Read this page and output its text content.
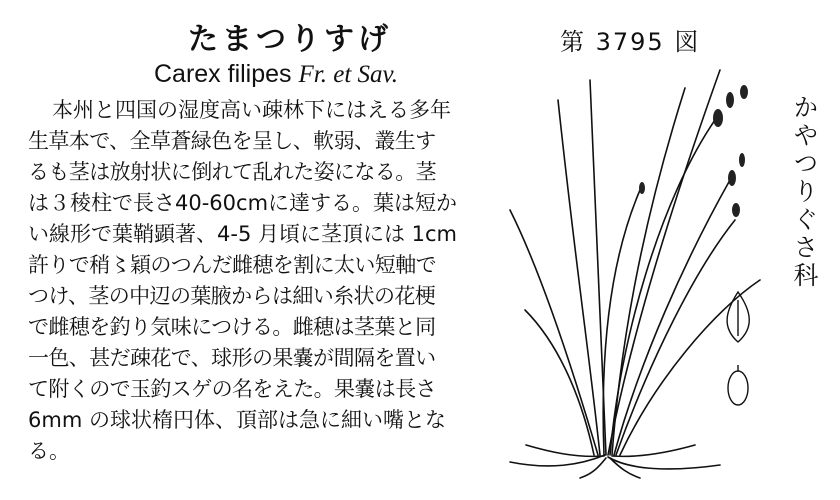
たまつりすげ
Carex filipes Fr. et Sav.
第 3795 図
かやつりぐさ科
本州と四国の湿度高い疎林下にはえる多年
生草本で、全草蒼緑色を呈し、軟弱、叢生す
るも茎は放射状に倒れて乱れた姿になる。茎
は３稜柱で長さ40-60cmに達する。葉は短か
い線形で葉鞘顕著、4-5 月頃に茎頂には 1cm
許りで稍〻穎のつんだ雌穂を割に太い短軸で
つけ、茎の中辺の葉腋からは細い糸状の花梗
で雌穂を釣り気味につける。雌穂は茎葉と同
一色、甚だ疎花で、球形の果嚢が間隔を置い
て附くので玉釣スゲの名をえた。果嚢は長さ
6mm の球状楕円体、頂部は急に細い嘴とな
る。
